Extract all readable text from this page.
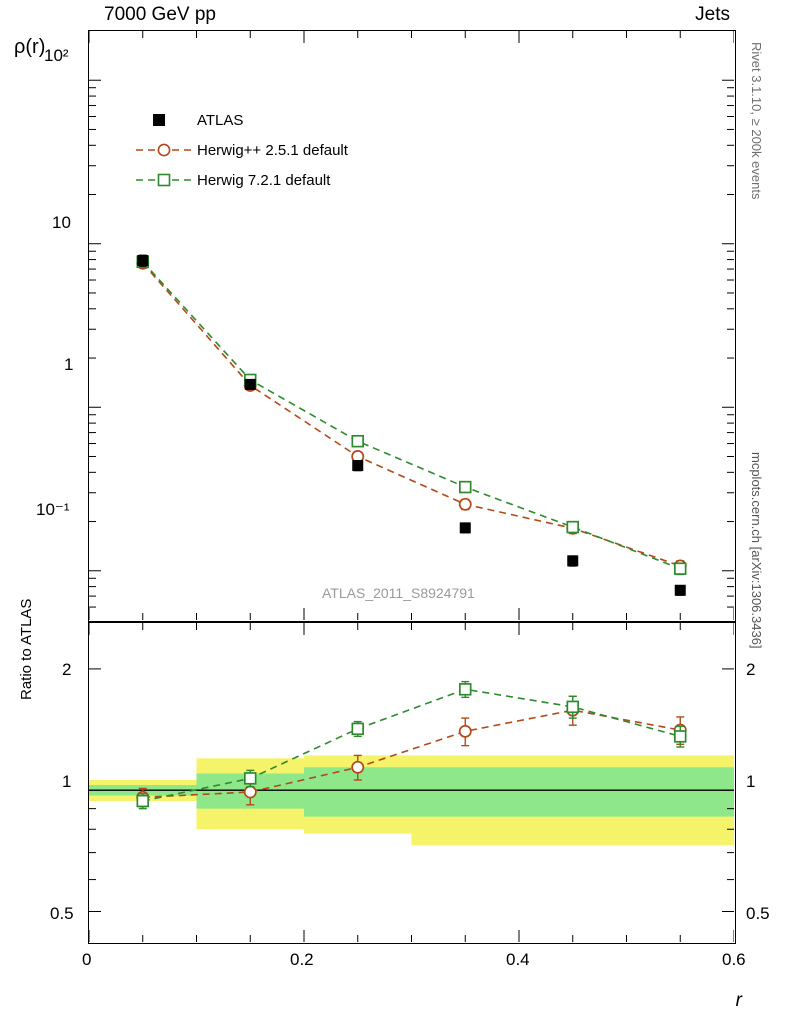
7000 GeV pp	Jets
Rivet 3.1.10, ≥ 200k events
mcplots.cern.ch [arXiv:1306.3436]
ρ(r)
10²
10
1
10⁻¹
ATLAS
Herwig++ 2.5.1 default
Herwig 7.2.1 default
ATLAS_2011_S8924791
Ratio to ATLAS 2
1
0.5
2
1
0.5
0	0.2	0.4	0.6
r
